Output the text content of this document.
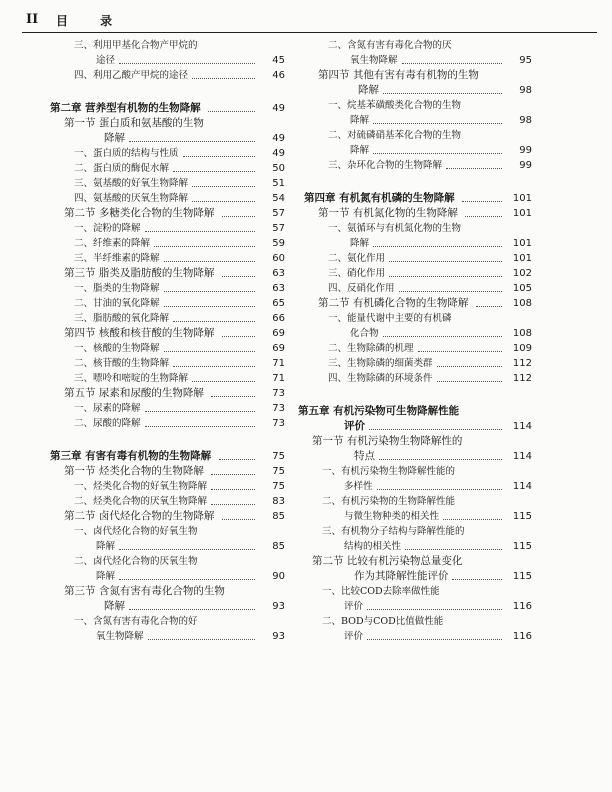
II 目 录
三、利用甲基化合物产甲烷的
途径	45
四、利用乙酸产甲烷的途径	46
第二章 营养型有机物的生物降解	49
第一节 蛋白质和氨基酸的生物
降解	49
一、蛋白质的结构与性质	49
二、蛋白质的酶促水解	50
三、氨基酸的好氧生物降解	51
四、氨基酸的厌氧生物降解	54
第二节 多糖类化合物的生物降解	57
一、淀粉的降解	57
二、纤维素的降解	59
三、半纤维素的降解	60
第三节 脂类及脂肪酸的生物降解	63
一、脂类的生物降解	63
二、甘油的氧化降解	65
三、脂肪酸的氧化降解	66
第四节 核酸和核苷酸的生物降解	69
一、核酸的生物降解	69
二、核苷酸的生物降解	71
三、嘌呤和嘧啶的生物降解	71
第五节 尿素和尿酸的生物降解	73
一、尿素的降解	73
二、尿酸的降解	73
第三章 有害有毒有机物的生物降解	75
第一节 烃类化合物的生物降解	75
一、烃类化合物的好氧生物降解	75
二、烃类化合物的厌氧生物降解	83
第二节 卤代烃化合物的生物降解	85
一、卤代烃化合物的好氧生物
降解	85
二、卤代烃化合物的厌氧生物
降解	90
第三节 含氮有害有毒化合物的生物
降解	93
一、含氮有害有毒化合物的好
氧生物降解	93
二、含氮有害有毒化合物的厌
氧生物降解	95
第四节 其他有害有毒有机物的生物
降解	98
一、烷基苯磺酸类化合物的生物
降解	98
二、对硫磷硝基苯化合物的生物
降解	99
三、杂环化合物的生物降解	99
第四章 有机氮有机磷的生物降解	101
第一节 有机氮化物的生物降解	101
一、氨循环与有机氮化物的生物
降解	101
二、氨化作用	101
三、硝化作用	102
四、反硝化作用	105
第二节 有机磷化合物的生物降解	108
一、能量代谢中主要的有机磷
化合物	108
二、生物除磷的机理	109
三、生物除磷的细菌类群	112
四、生物除磷的环境条件	112
第五章 有机污染物可生物降解性能
评价	114
第一节 有机污染物生物降解性的
特点	114
一、有机污染物生物降解性能的
多样性	114
二、有机污染物的生物降解性能
与微生物种类的相关性	115
三、有机物分子结构与降解性能的
结构的相关性	115
第二节 比较有机污染物总量变化
作为其降解性能评价	115
一、比较COD去除率做性能
评价	116
二、BOD与COD比值做性能
评价	116
